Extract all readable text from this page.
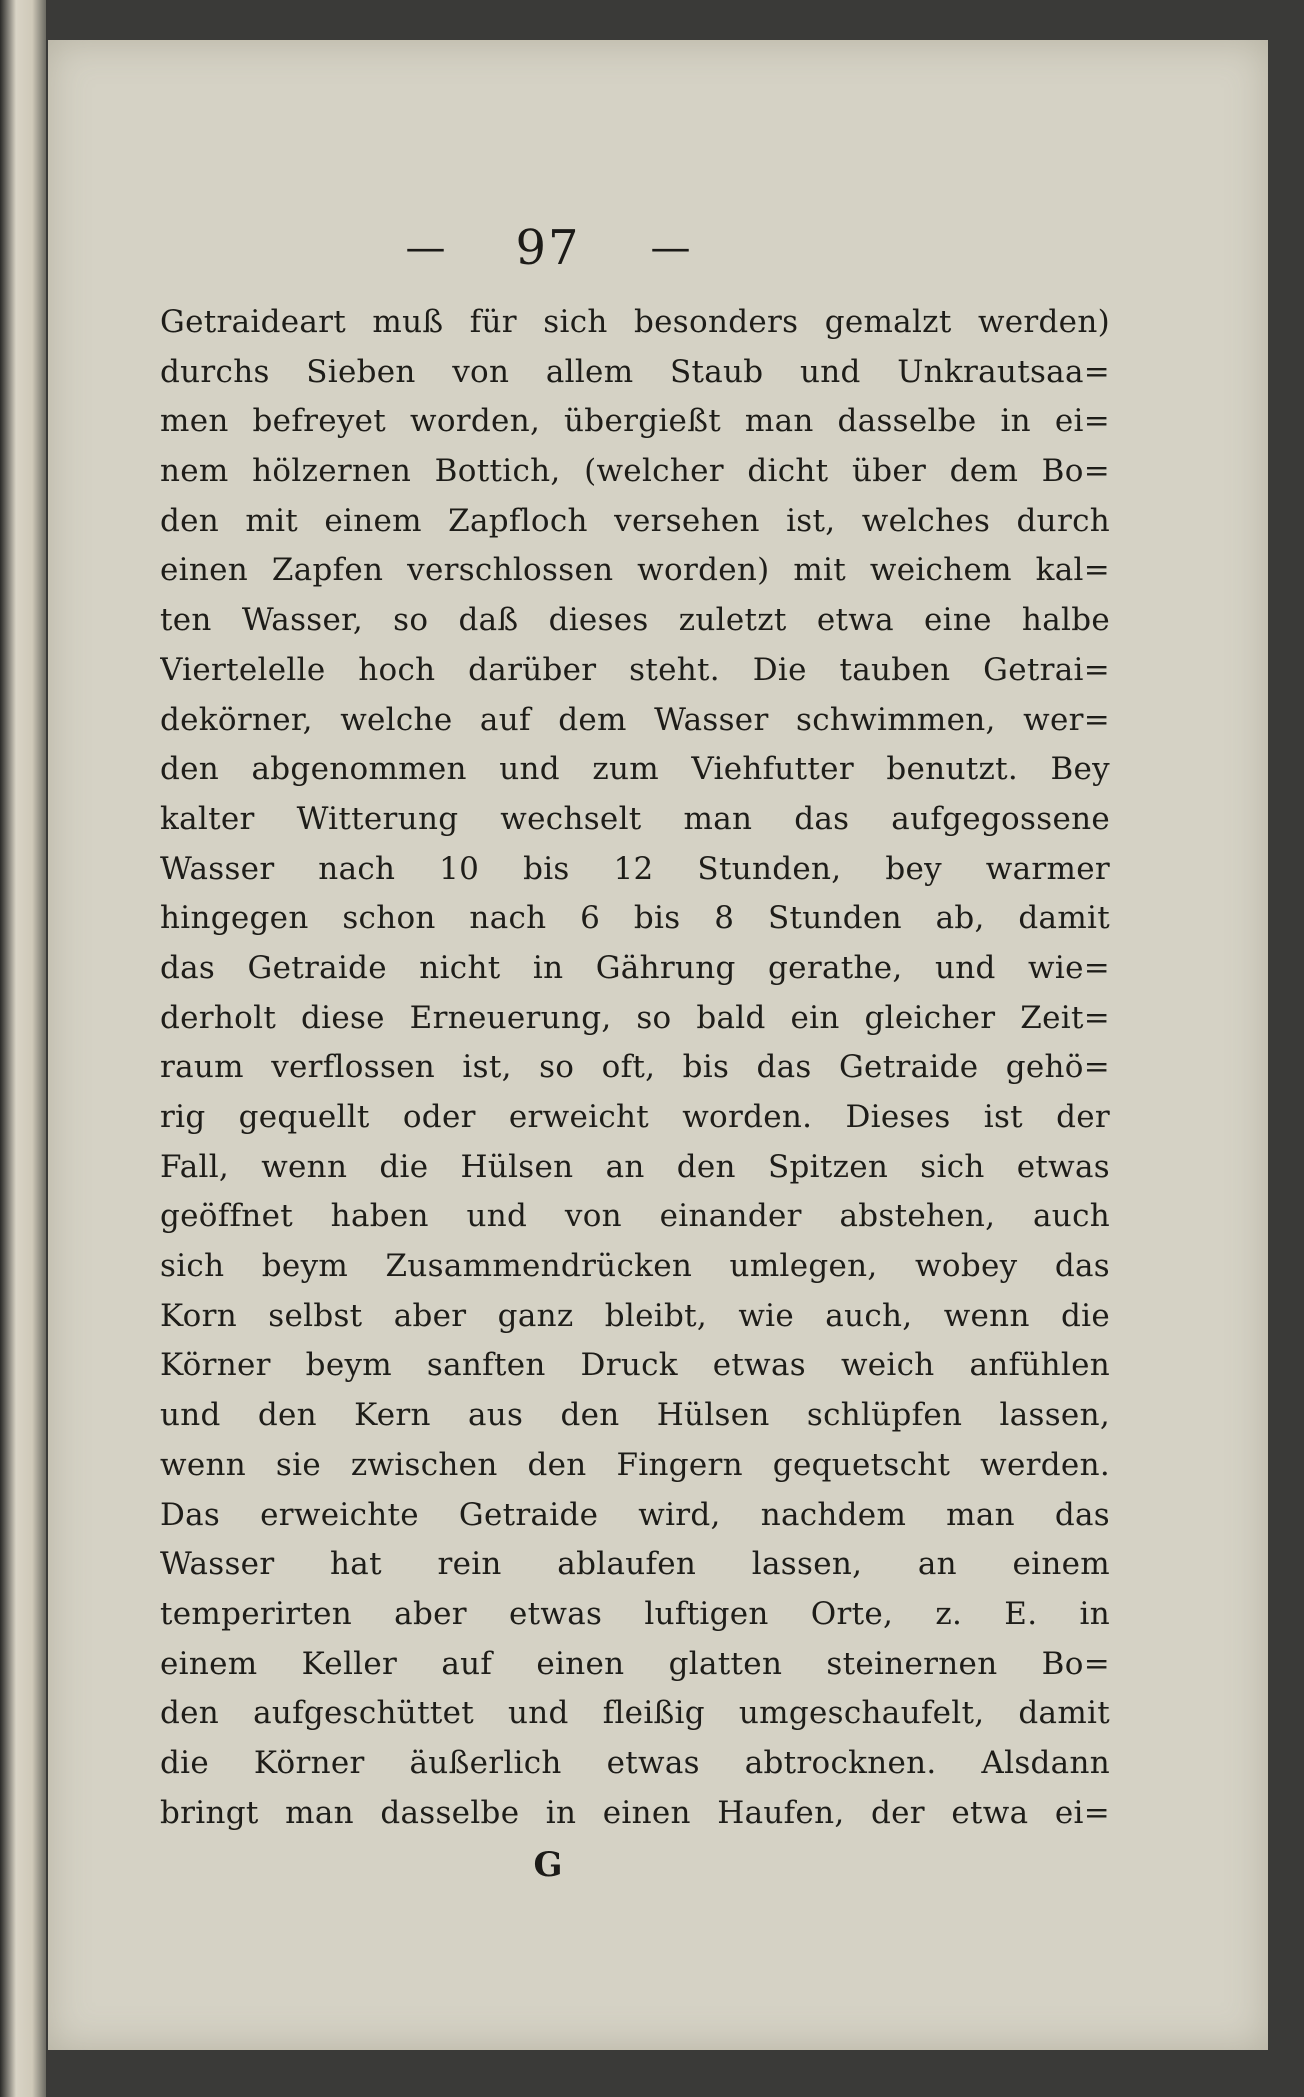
— 97 —
Getraideart muß für sich besonders gemalzt werden)
durchs Sieben von allem Staub und Unkrautsaa=
men befreyet worden, übergießt man dasselbe in ei=
nem hölzernen Bottich, (welcher dicht über dem Bo=
den mit einem Zapfloch versehen ist, welches durch
einen Zapfen verschlossen worden) mit weichem kal=
ten Wasser, so daß dieses zuletzt etwa eine halbe
Viertelelle hoch darüber steht. Die tauben Getrai=
dekörner, welche auf dem Wasser schwimmen, wer=
den abgenommen und zum Viehfutter benutzt. Bey
kalter Witterung wechselt man das aufgegossene
Wasser nach 10 bis 12 Stunden, bey warmer
hingegen schon nach 6 bis 8 Stunden ab, damit
das Getraide nicht in Gährung gerathe, und wie=
derholt diese Erneuerung, so bald ein gleicher Zeit=
raum verflossen ist, so oft, bis das Getraide gehö=
rig gequellt oder erweicht worden. Dieses ist der
Fall, wenn die Hülsen an den Spitzen sich etwas
geöffnet haben und von einander abstehen, auch
sich beym Zusammendrücken umlegen, wobey das
Korn selbst aber ganz bleibt, wie auch, wenn die
Körner beym sanften Druck etwas weich anfühlen
und den Kern aus den Hülsen schlüpfen lassen,
wenn sie zwischen den Fingern gequetscht werden.
Das erweichte Getraide wird, nachdem man das
Wasser hat rein ablaufen lassen, an einem
temperirten aber etwas luftigen Orte, z. E. in
einem Keller auf einen glatten steinernen Bo=
den aufgeschüttet und fleißig umgeschaufelt, damit
die Körner äußerlich etwas abtrocknen. Alsdann
bringt man dasselbe in einen Haufen, der etwa ei=
G
